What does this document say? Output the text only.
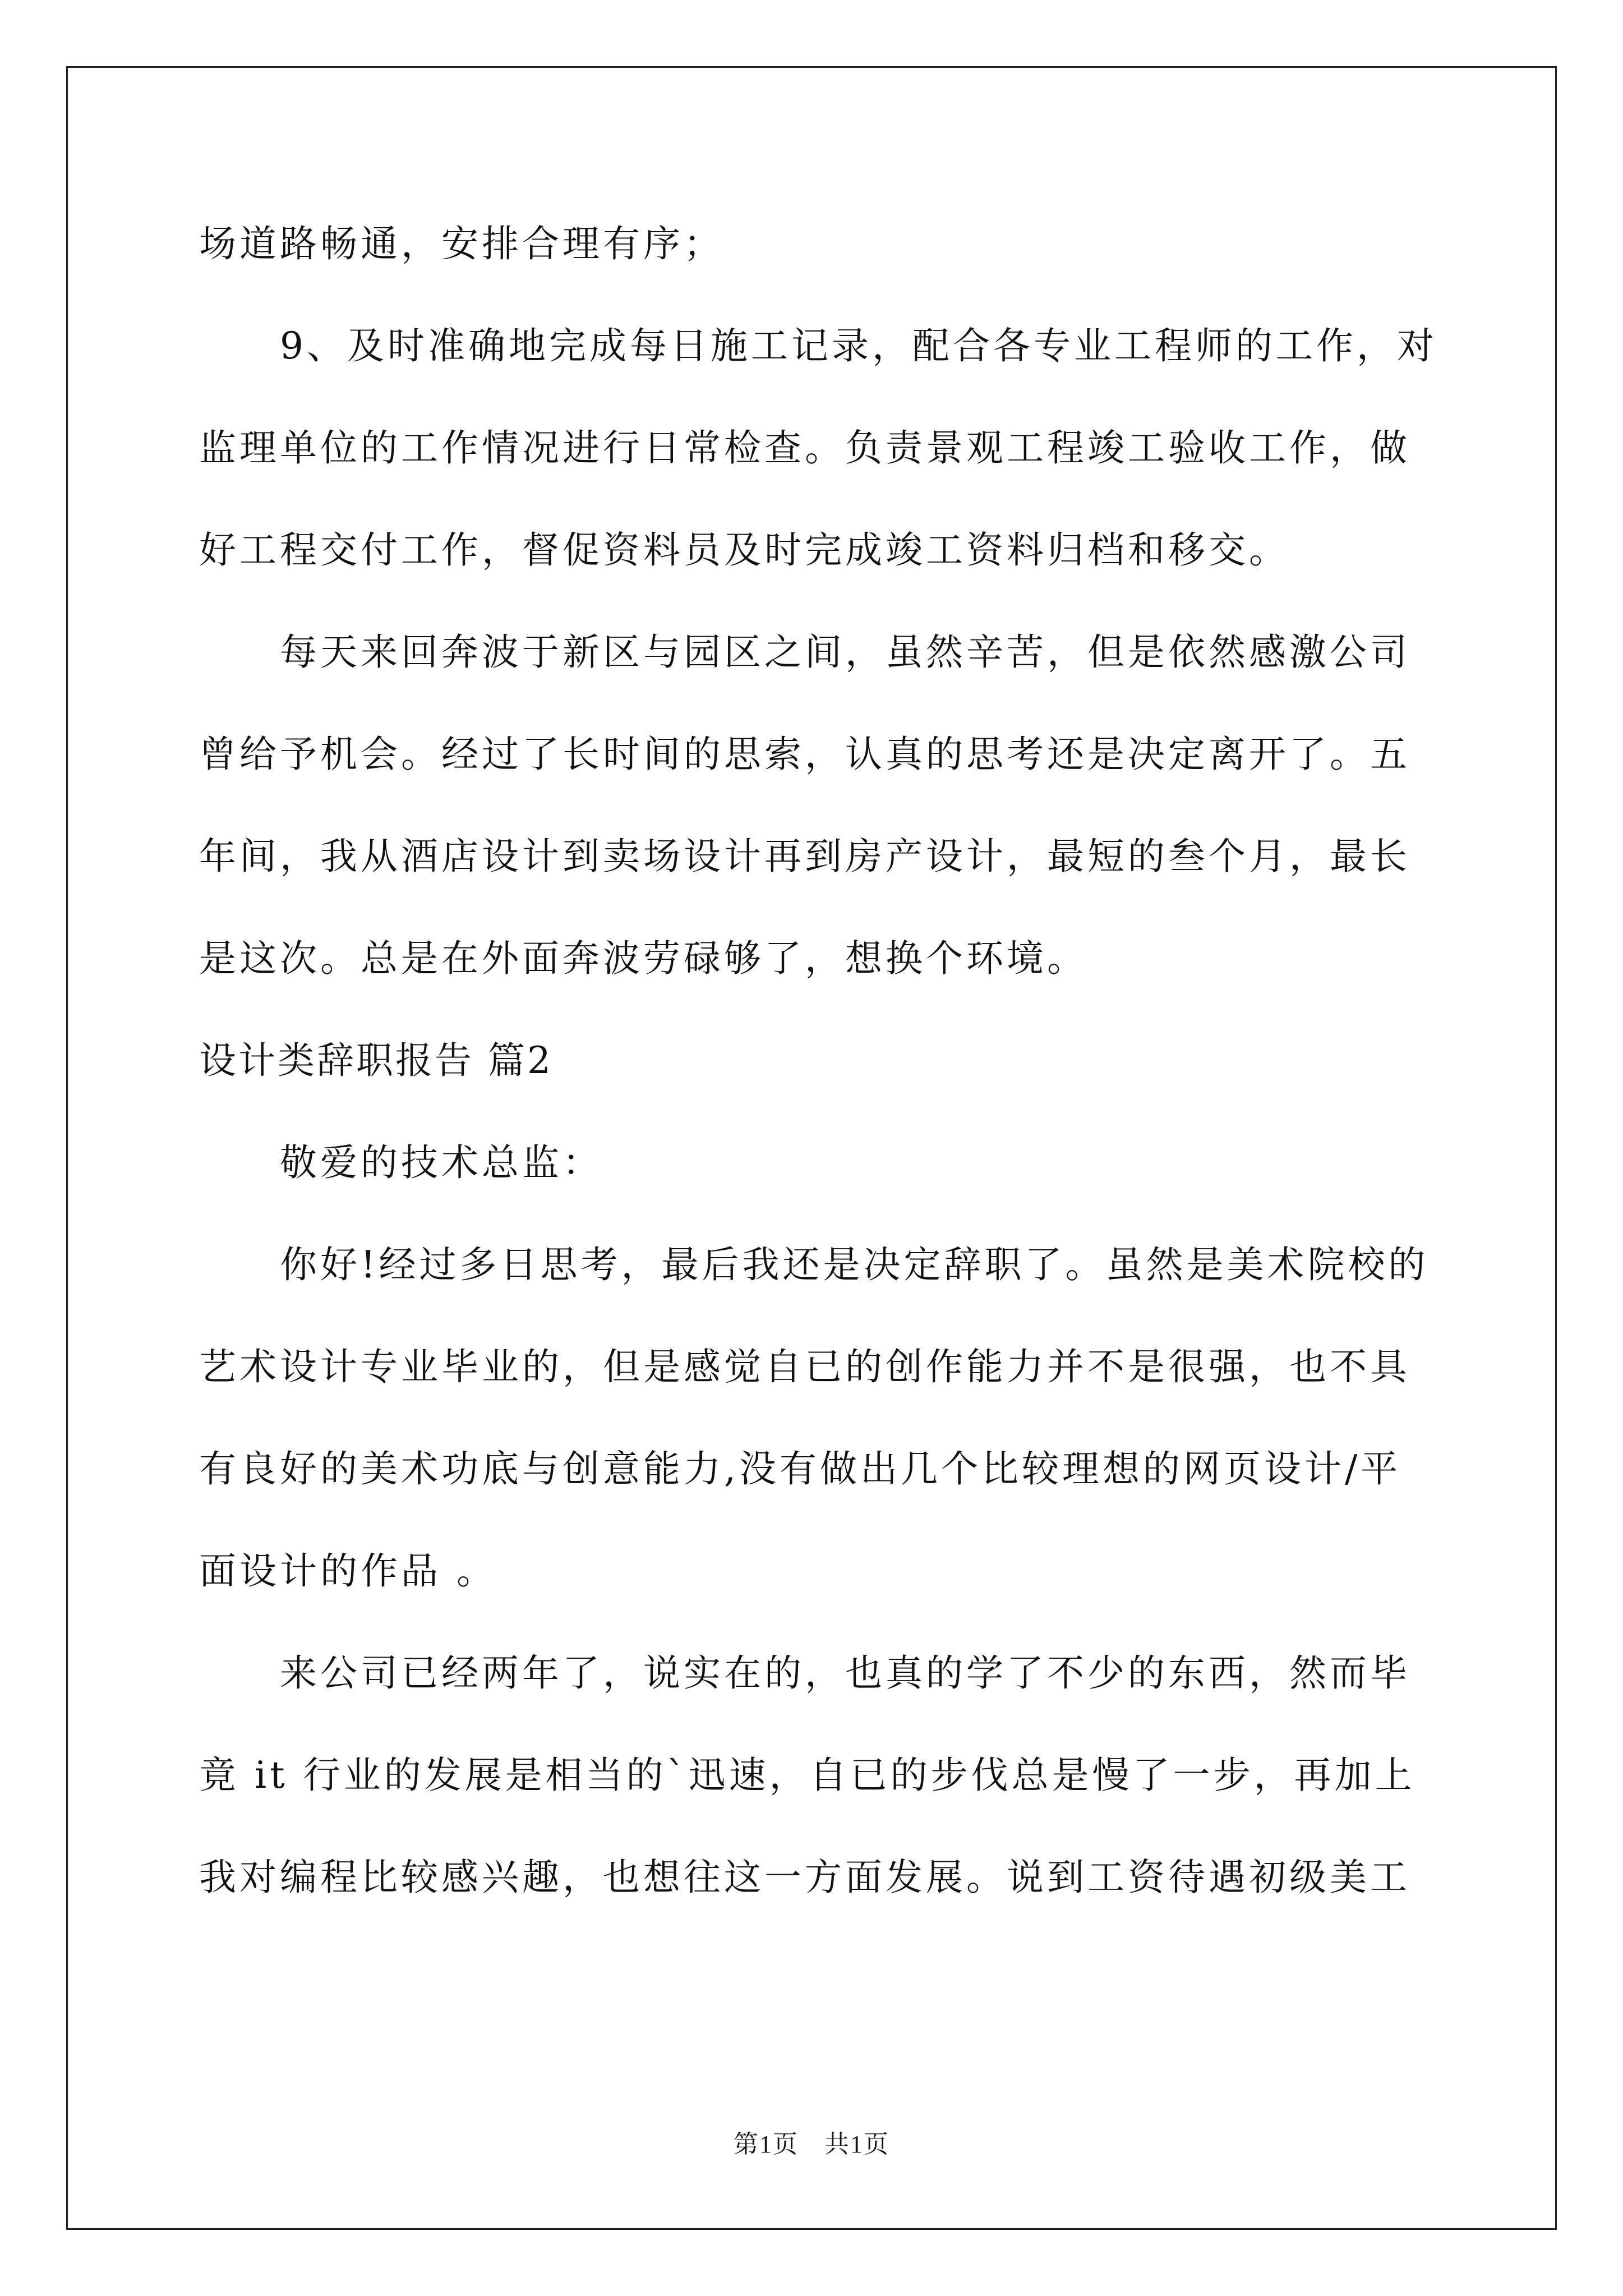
场道路畅通，安排合理有序；
9、及时准确地完成每日施工记录，配合各专业工程师的工作，对
监理单位的工作情况进行日常检查。负责景观工程竣工验收工作，做
好工程交付工作，督促资料员及时完成竣工资料归档和移交。
每天来回奔波于新区与园区之间，虽然辛苦，但是依然感激公司
曾给予机会。经过了长时间的思索，认真的思考还是决定离开了。五
年间，我从酒店设计到卖场设计再到房产设计，最短的叁个月，最长
是这次。总是在外面奔波劳碌够了，想换个环境。
设计类辞职报告 篇2
敬爱的技术总监：
你好!经过多日思考，最后我还是决定辞职了。虽然是美术院校的
艺术设计专业毕业的，但是感觉自已的创作能力并不是很强，也不具
有良好的美术功底与创意能力,没有做出几个比较理想的网页设计/平
面设计的作品 。
来公司已经两年了，说实在的，也真的学了不少的东西，然而毕
竟 it 行业的发展是相当的`迅速，自已的步伐总是慢了一步，再加上
我对编程比较感兴趣，也想往这一方面发展。说到工资待遇初级美工
第1页　共1页
